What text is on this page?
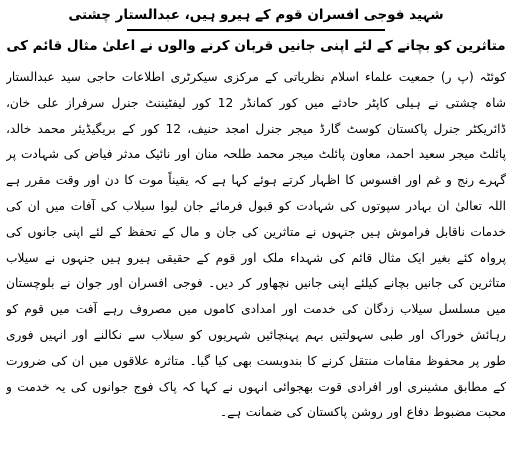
شہید فوجی افسران قوم کے ہیرو ہیں، عبدالستار چشتی
متاثرین کو بچانے کے لئے اپنی جانیں قربان کرنے والوں نے اعلیٰ مثال قائم کی
کوئٹہ (پ ر) جمعیت علماء اسلام نظریاتی کے مرکزی سیکرٹری اطلاعات حاجی سید عبدالستار شاہ چشتی نے ہیلی کاپٹر حادثے میں کور کمانڈر 12 کور لیفٹیننٹ جنرل سرفراز علی خان، ڈائریکٹر جنرل پاکستان کوسٹ گارڈ میجر جنرل امجد حنیف، 12 کور کے بریگیڈیئر محمد خالد، پائلٹ میجر سعید احمد، معاون پائلٹ میجر محمد طلحہ منان اور نائیک مدثر فیاض کی شہادت پر گہرے رنج و غم اور افسوس کا اظہار کرتے ہوئے کہا ہے کہ یقیناً موت کا دن اور وقت مقرر ہے اللہ تعالیٰ ان بہادر سپوتوں کی شہادت کو قبول فرمائے جان لیوا سیلاب کی آفات میں ان کی خدمات ناقابل فراموش ہیں جنہوں نے متاثرین کی جان و مال کے تحفظ کے لئے اپنی جانوں کی پرواہ کئے بغیر ایک مثال قائم کی شہداء ملک اور قوم کے حقیقی ہیرو ہیں جنہوں نے سیلاب متاثرین کی جانیں بچانے کیلئے اپنی جانیں نچھاور کر دیں۔ فوجی افسران اور جوان نے بلوچستان میں مسلسل سیلاب زدگان کی خدمت اور امدادی کاموں میں مصروف رہے آفت میں قوم کو رہائش خوراک اور طبی سہولتیں بہم پہنچائیں شہریوں کو سیلاب سے نکالنے اور انہیں فوری طور پر محفوظ مقامات منتقل کرنے کا بندوبست بھی کیا گیا۔ متاثرہ علاقوں میں ان کی ضرورت کے مطابق مشینری اور افرادی قوت بھجوائی انہوں نے کہا کہ پاک فوج جوانوں کی یہ خدمت و محبت مضبوط دفاع اور روشن پاکستان کی ضمانت ہے۔
